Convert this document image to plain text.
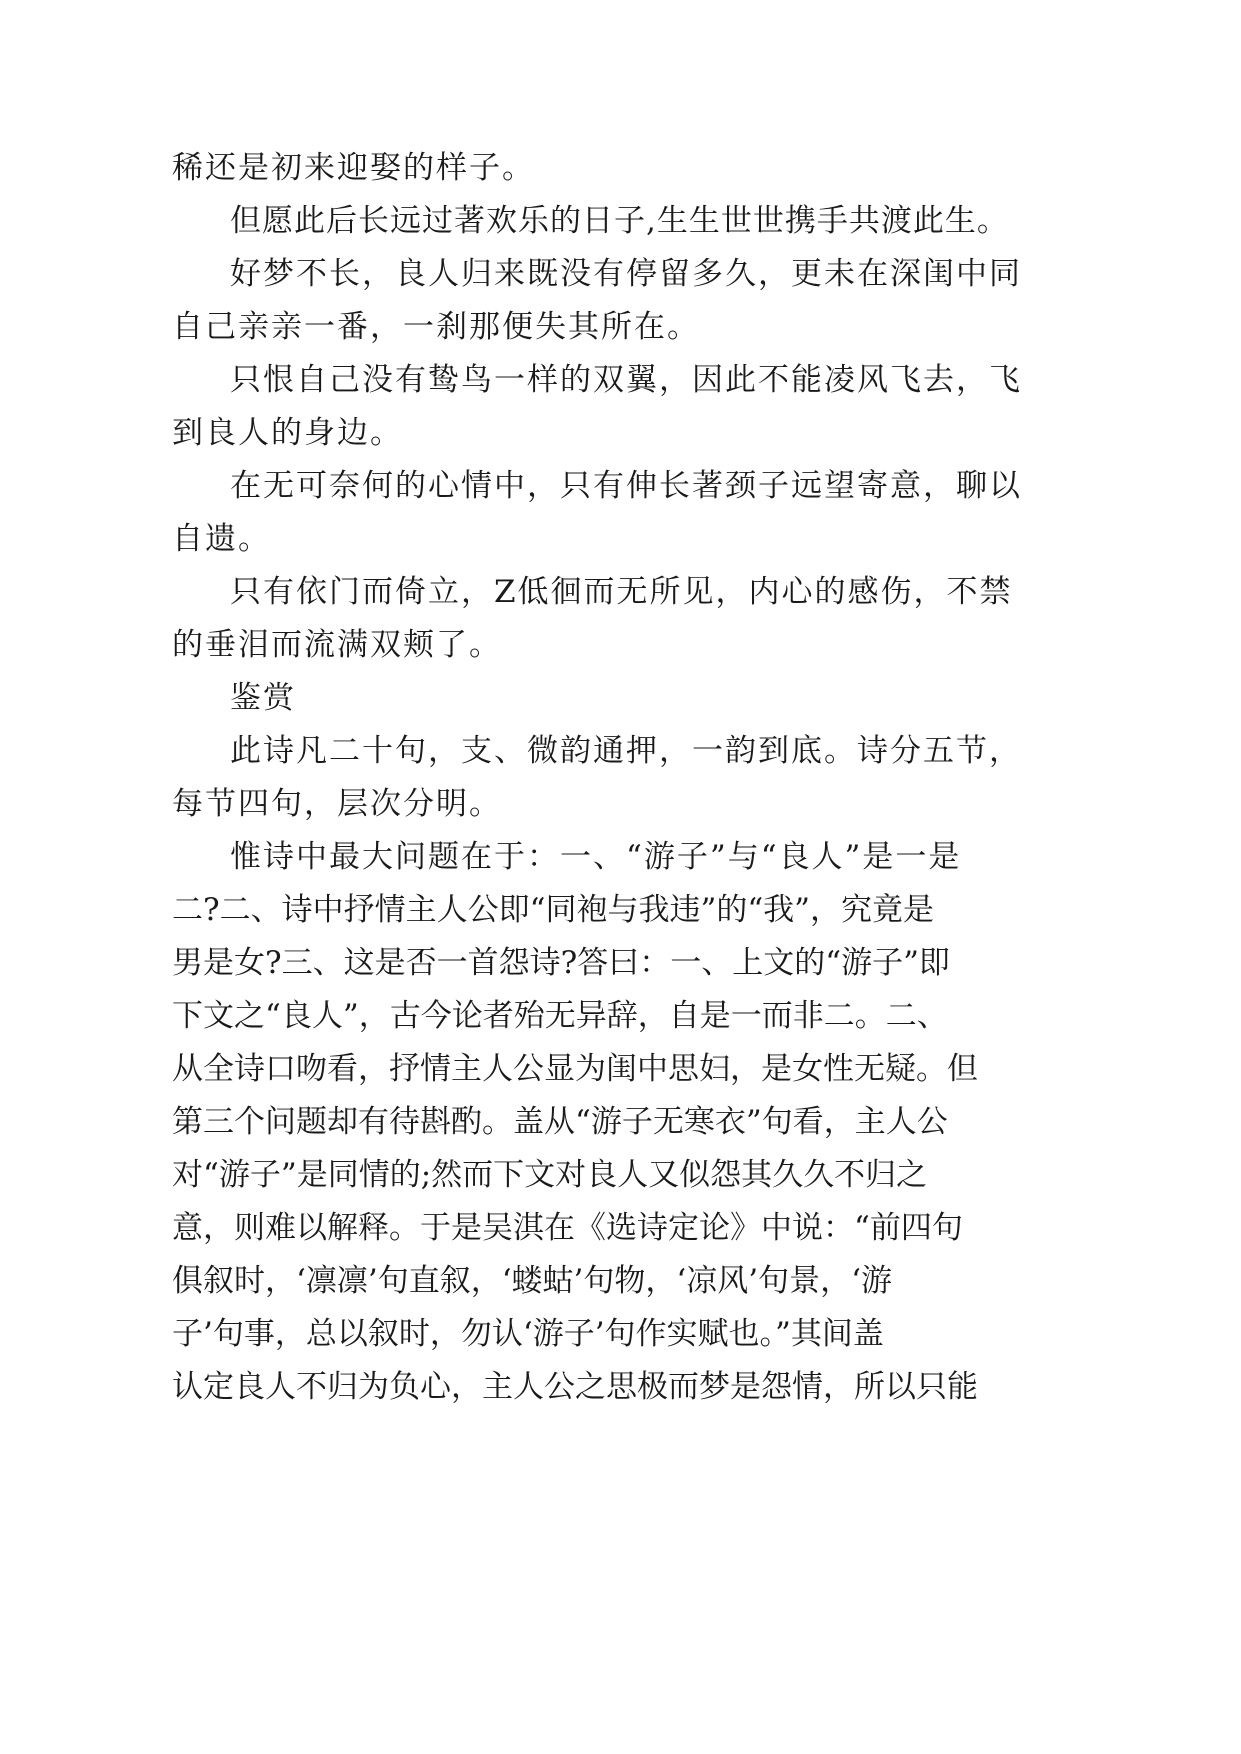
稀还是初来迎娶的样子。
但愿此后长远过著欢乐的日子,生生世世携手共渡此生。
好梦不长，良人归来既没有停留多久，更未在深闺中同
自己亲亲一番，一刹那便失其所在。
只恨自己没有鸷鸟一样的双翼，因此不能凌风飞去，飞
到良人的身边。
在无可奈何的心情中，只有伸长著颈子远望寄意，聊以
自遗。
只有依门而倚立，Z低徊而无所见，内心的感伤，不禁
的垂泪而流满双颊了。
鉴赏
此诗凡二十句，支、微韵通押，一韵到底。诗分五节，
每节四句，层次分明。
惟诗中最大问题在于：一、“游子”与“良人”是一是
二?二、诗中抒情主人公即“同袍与我违”的“我”，究竟是
男是女?三、这是否一首怨诗?答曰：一、上文的“游子”即
下文之“良人”，古今论者殆无异辞，自是一而非二。二、
从全诗口吻看，抒情主人公显为闺中思妇，是女性无疑。但
第三个问题却有待斟酌。盖从“游子无寒衣”句看，主人公
对“游子”是同情的;然而下文对良人又似怨其久久不归之
意，则难以解释。于是吴淇在《选诗定论》中说：“前四句
俱叙时，‘凛凛’句直叙，‘蝼蛄’句物，‘凉风’句景，‘游
子’句事，总以叙时，勿认‘游子’句作实赋也。”其间盖
认定良人不归为负心，主人公之思极而梦是怨情，所以只能
